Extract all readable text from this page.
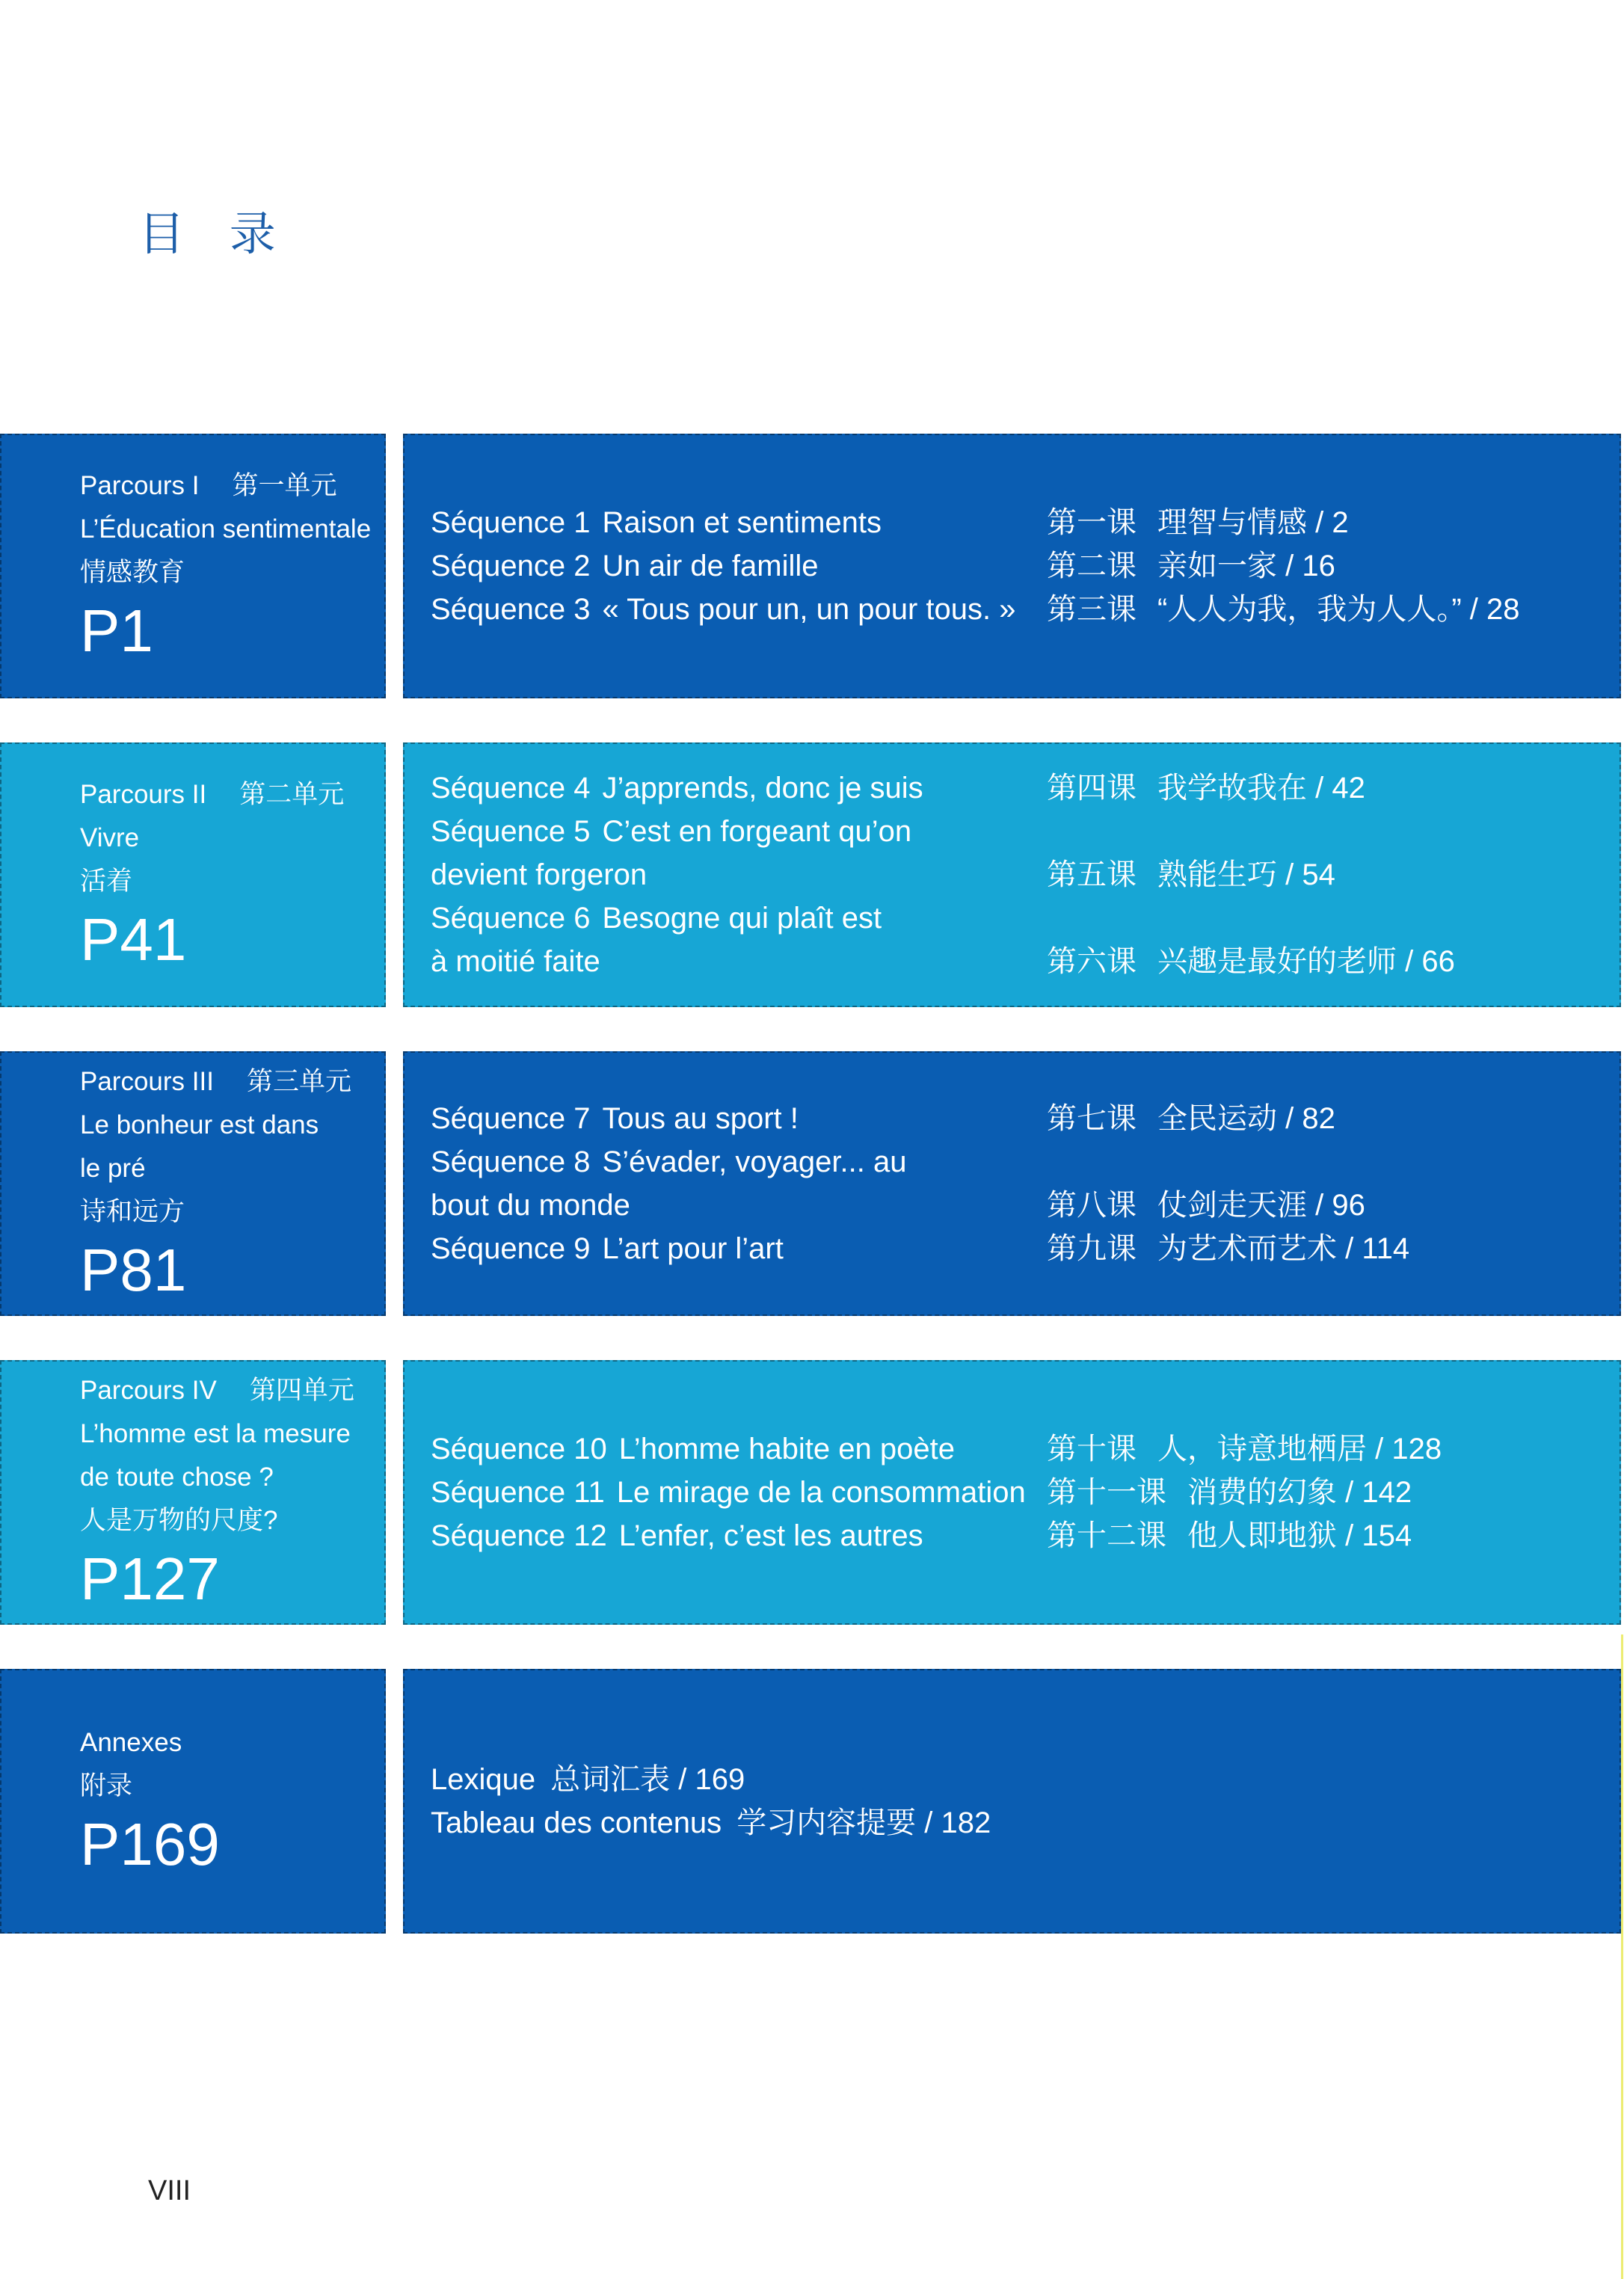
目 录
Parcours I 第一单元
L’Éducation sentimentale
情感教育
P1
Séquence 1 Raison et sentiments	第一课 理智与情感 / 2
Séquence 2 Un air de famille	第二课 亲如一家 / 16
Séquence 3 « Tous pour un, un pour tous. »	第三课 “人人为我，我为人人。” / 28
Parcours II 第二单元
Vivre
活着
P41
Séquence 4 J’apprends, donc je suis	第四课 我学故我在 / 42
Séquence 5 C’est en forgeant qu’on
devient forgeron	第五课 熟能生巧 / 54
Séquence 6 Besogne qui plaît est
à moitié faite	第六课 兴趣是最好的老师 / 66
Parcours III 第三单元
Le bonheur est dans
le pré
诗和远方
P81
Séquence 7 Tous au sport !	第七课 全民运动 / 82
Séquence 8 S’évader, voyager... au
bout du monde	第八课 仗剑走天涯 / 96
Séquence 9 L’art pour l’art	第九课 为艺术而艺术 / 114
Parcours IV 第四单元
L’homme est la mesure
de toute chose ?
人是万物的尺度?
P127
Séquence 10 L’homme habite en poète	第十课 人，诗意地栖居 / 128
Séquence 11 Le mirage de la consommation 第十一课 消费的幻象 / 142
Séquence 12 L’enfer, c’est les autres	第十二课 他人即地狱 / 154
Annexes
附录
P169
Lexique 总词汇表 / 169
Tableau des contenus 学习内容提要 / 182
VIII
